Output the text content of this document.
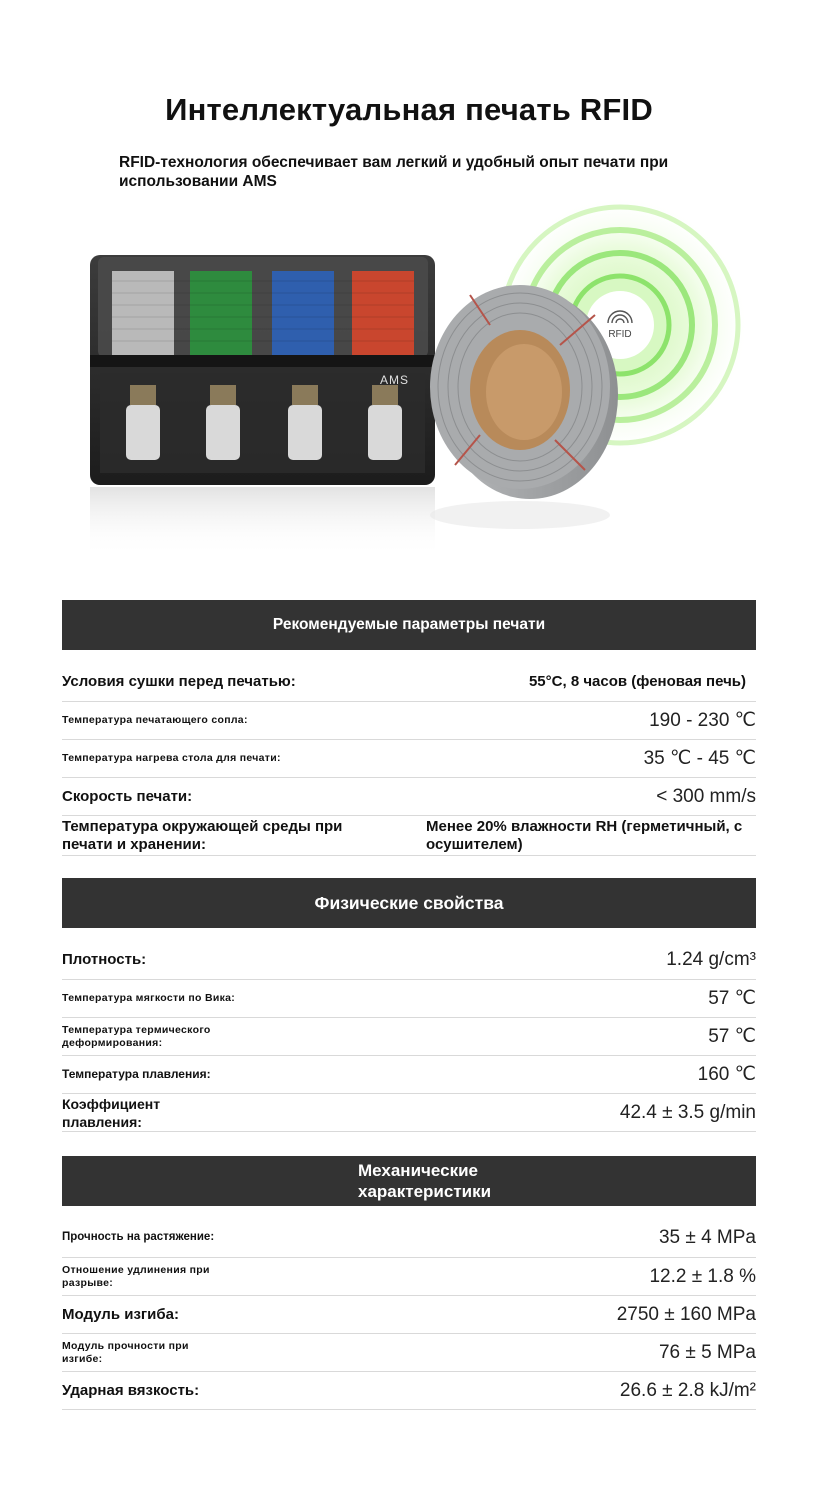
Интеллектуальная печать RFID
RFID-технология обеспечивает вам легкий и удобный опыт печати при использовании AMS
RFID
AMS
Рекомендуемые параметры печати
Условия сушки перед печатью:	55°C, 8 часов (феновая печь)
Температура печатающего сопла:	190 - 230 ℃
Температура нагрева стола для печати:	35 ℃ - 45 ℃
Скорость печати:	< 300 mm/s
Температура окружающей среды при печати и хранении:
Менее 20% влажности RH (герметичный, с осушителем)
Физические свойства
Плотность:	1.24 g/cm³
Температура мягкости по Вика:	57 ℃
Температура термического деформирования:	57 ℃
Температура плавления:	160 ℃
Коэффициент плавления:	42.4 ± 3.5 g/min
Механические
характеристики
Прочность на растяжение:	35 ± 4 MPa
Отношение удлинения при разрыве:	12.2 ± 1.8 %
Модуль изгиба:	2750 ± 160 MPa
Модуль прочности при изгибе:	76 ± 5 MPa
Ударная вязкость:	26.6 ± 2.8 kJ/m²
